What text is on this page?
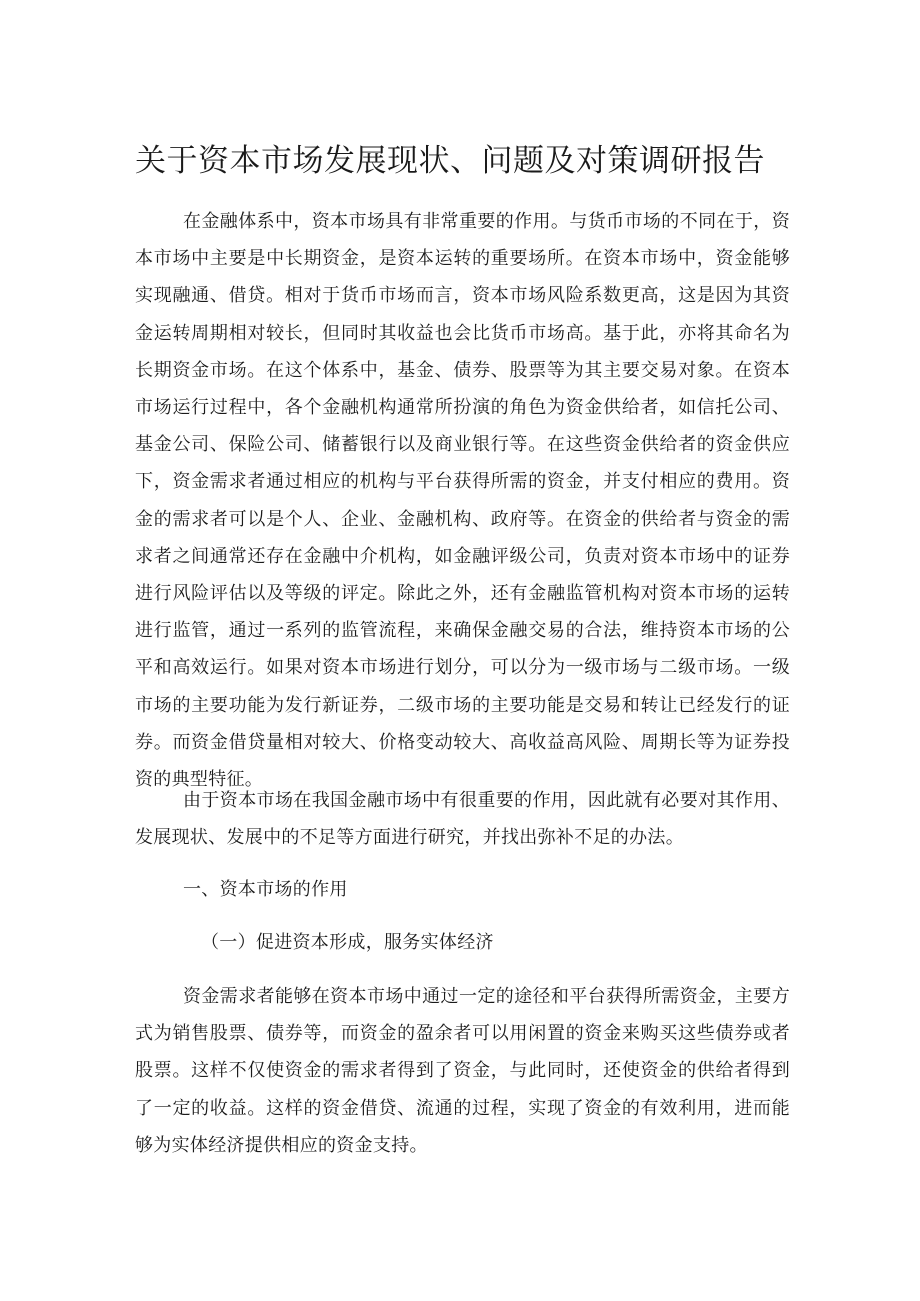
关于资本市场发展现状、问题及对策调研报告

在金融体系中，资本市场具有非常重要的作用。与货币市场的不同在于，资本市场中主要是中长期资金，是资本运转的重要场所。在资本市场中，资金能够实现融通、借贷。相对于货币市场而言，资本市场风险系数更高，这是因为其资金运转周期相对较长，但同时其收益也会比货币市场高。基于此，亦将其命名为长期资金市场。在这个体系中，基金、债券、股票等为其主要交易对象。在资本市场运行过程中，各个金融机构通常所扮演的角色为资金供给者，如信托公司、基金公司、保险公司、储蓄银行以及商业银行等。在这些资金供给者的资金供应下，资金需求者通过相应的机构与平台获得所需的资金，并支付相应的费用。资金的需求者可以是个人、企业、金融机构、政府等。在资金的供给者与资金的需求者之间通常还存在金融中介机构，如金融评级公司，负责对资本市场中的证券进行风险评估以及等级的评定。除此之外，还有金融监管机构对资本市场的运转进行监管，通过一系列的监管流程，来确保金融交易的合法，维持资本市场的公平和高效运行。如果对资本市场进行划分，可以分为一级市场与二级市场。一级市场的主要功能为发行新证券，二级市场的主要功能是交易和转让已经发行的证券。而资金借贷量相对较大、价格变动较大、高收益高风险、周期长等为证券投资的典型特征。

由于资本市场在我国金融市场中有很重要的作用，因此就有必要对其作用、发展现状、发展中的不足等方面进行研究，并找出弥补不足的办法。

一、资本市场的作用
（一）促进资本形成，服务实体经济

资金需求者能够在资本市场中通过一定的途径和平台获得所需资金，主要方式为销售股票、债券等，而资金的盈余者可以用闲置的资金来购买这些债券或者股票。这样不仅使资金的需求者得到了资金，与此同时，还使资金的供给者得到了一定的收益。这样的资金借贷、流通的过程，实现了资金的有效利用，进而能够为实体经济提供相应的资金支持。
